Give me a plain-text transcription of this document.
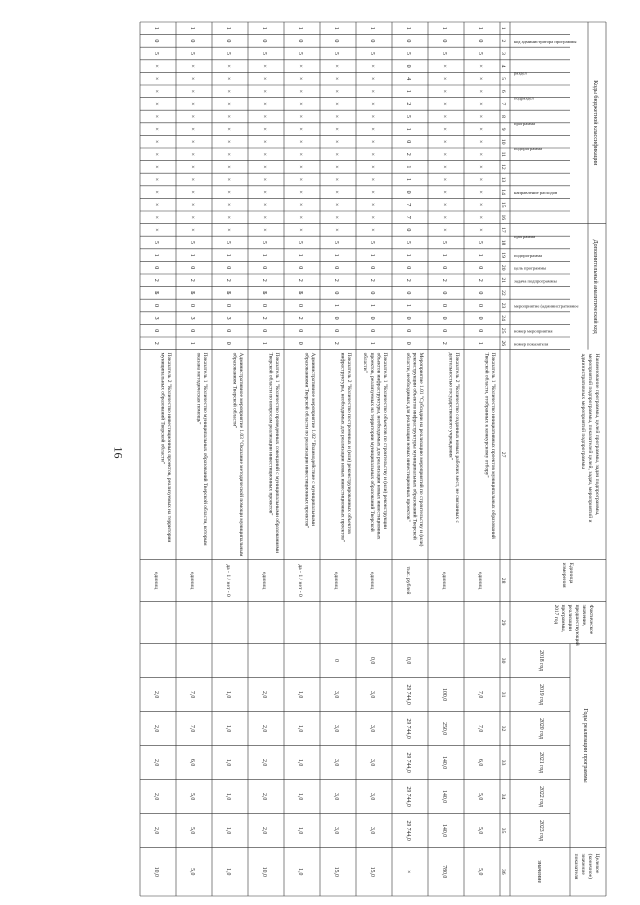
16
Коды бюджетной классификации
Дополнительный аналитический код
Наименование программы, целей программы, задач подпрограммы,мероприятий подпрограммы, показателей целей, задач, мероприятий иадминистративных мероприятий подпрограммы
Единицаизмерения
Фактическоезначение,предшествующийреализациипрограммы,2017 год
Годы реализации программы
Целевое(конечное)значениепоказателя
значение
код администратора программы
раздел
подраздел
программа
подпрограмма
направление расходов
программа
подпрограмма
цель программы
задача подпрограммы
мероприятие (административное
номер мероприятия
номер показателя
2018 год
2019 год
2020 год
2021 год
2022 год
2023 год
1
2
3
4
5
6
7
8
9
10
11
12
13
14
15
16
17
18
19
20
21
22
23
24
25
26
27
28
29
30
31
32
33
34
35
36
1
0
5
×
×
×
×
×
×
×
×
×
×
×
×
×
×
5
1
0
2
0
0
0
0
1
Показатель 1 "Количество инициативных проектов муниципальных образованийТверской области, отобранных к конкурсному отбору"
единиц
7,0
7,0
6,0
5,0
5,0
5,0
1
0
5
×
×
×
×
×
×
×
×
×
×
×
×
×
×
5
1
0
2
0
0
0
0
2
Показатель 2 "Количество созданных новых рабочих мест, не связанных сдеятельностью государственного учреждения"
единиц
100,0
250,0
140,0
140,0
140,0
780,0
1
0
5
0
4
1
2
5
1
0
2
1
1
0
7
7
0
5
1
0
2
0
1
0
0
0
Мероприятие 1.01 "Субсидии на реализацию мероприятий по строительству и (или)реконструкции объектов инфраструктуры муниципальных образований Тверскойобласти, необходимых для реализации новых инвестиционных проектов"
тыс. рублей
0,0
29 744,0
29 744,0
29 744,0
29 744,0
29 744,0
×
1
0
5
×
×
×
×
×
×
×
×
×
×
×
×
×
×
5
1
0
2
0
1
0
0
1
Показатель 1 "Количество объектов по строительству и (или) реконструкцииобъектов инфраструктуры, необходимых для реализации новых инвестиционныхпроектов, реализуемых на территории муниципальных образований Тверскойобласти"
единиц
0,0
3,0
3,0
3,0
3,0
3,0
15,0
1
0
5
×
×
×
×
×
×
×
×
×
×
×
×
×
×
5
1
0
2
0
1
0
0
2
Показатель 2 "Количество построенных и (или) реконструированных объектовинфраструктуры, необходимых для реализации новых инвестиционных проектов"
единиц
0
3,0
3,0
3,0
3,0
3,0
15,0
1
0
5
×
×
×
×
×
×
×
×
×
×
×
×
×
×
5
1
0
2
Б
0
2
0
0
Административное мероприятие 1.02 "Взаимодействие с муниципальнымиобразованиями Тверской области по реализации инвестиционных проектов"
да - 1 / нет - 0
1,0
1,0
1,0
1,0
1,0
1,0
1
0
5
×
×
×
×
×
×
×
×
×
×
×
×
×
×
5
1
0
2
Б
0
2
0
1
Показатель 1 "Количество проведенных совещаний с муниципальными образованиямиТверской области по вопросам реализации инвестиционных проектов"
единиц
2,0
2,0
2,0
2,0
2,0
10,0
1
0
5
×
×
×
×
×
×
×
×
×
×
×
×
×
×
5
1
0
2
Б
0
3
0
0
Административное мероприятие 1.03 "Оказание методической помощи муниципальнымобразованиям Тверской области"
да - 1 / нет - 0
1,0
1,0
1,0
1,0
1,0
1,0
1
0
5
×
×
×
×
×
×
×
×
×
×
×
×
×
×
5
1
0
2
Б
0
3
0
1
Показатель 1 "Количество муниципальных образований Тверской области, которымоказана методическая помощь"
единиц
7,0
7,0
6,0
5,0
5,0
5,0
1
0
5
×
×
×
×
×
×
×
×
×
×
×
×
×
×
5
1
0
2
Б
0
3
0
2
Показатель 2 "Количество инвестиционных проектов, реализуемых на территориимуниципальных образований Тверской области"
единиц
2,0
2,0
2,0
2,0
2,0
10,0
